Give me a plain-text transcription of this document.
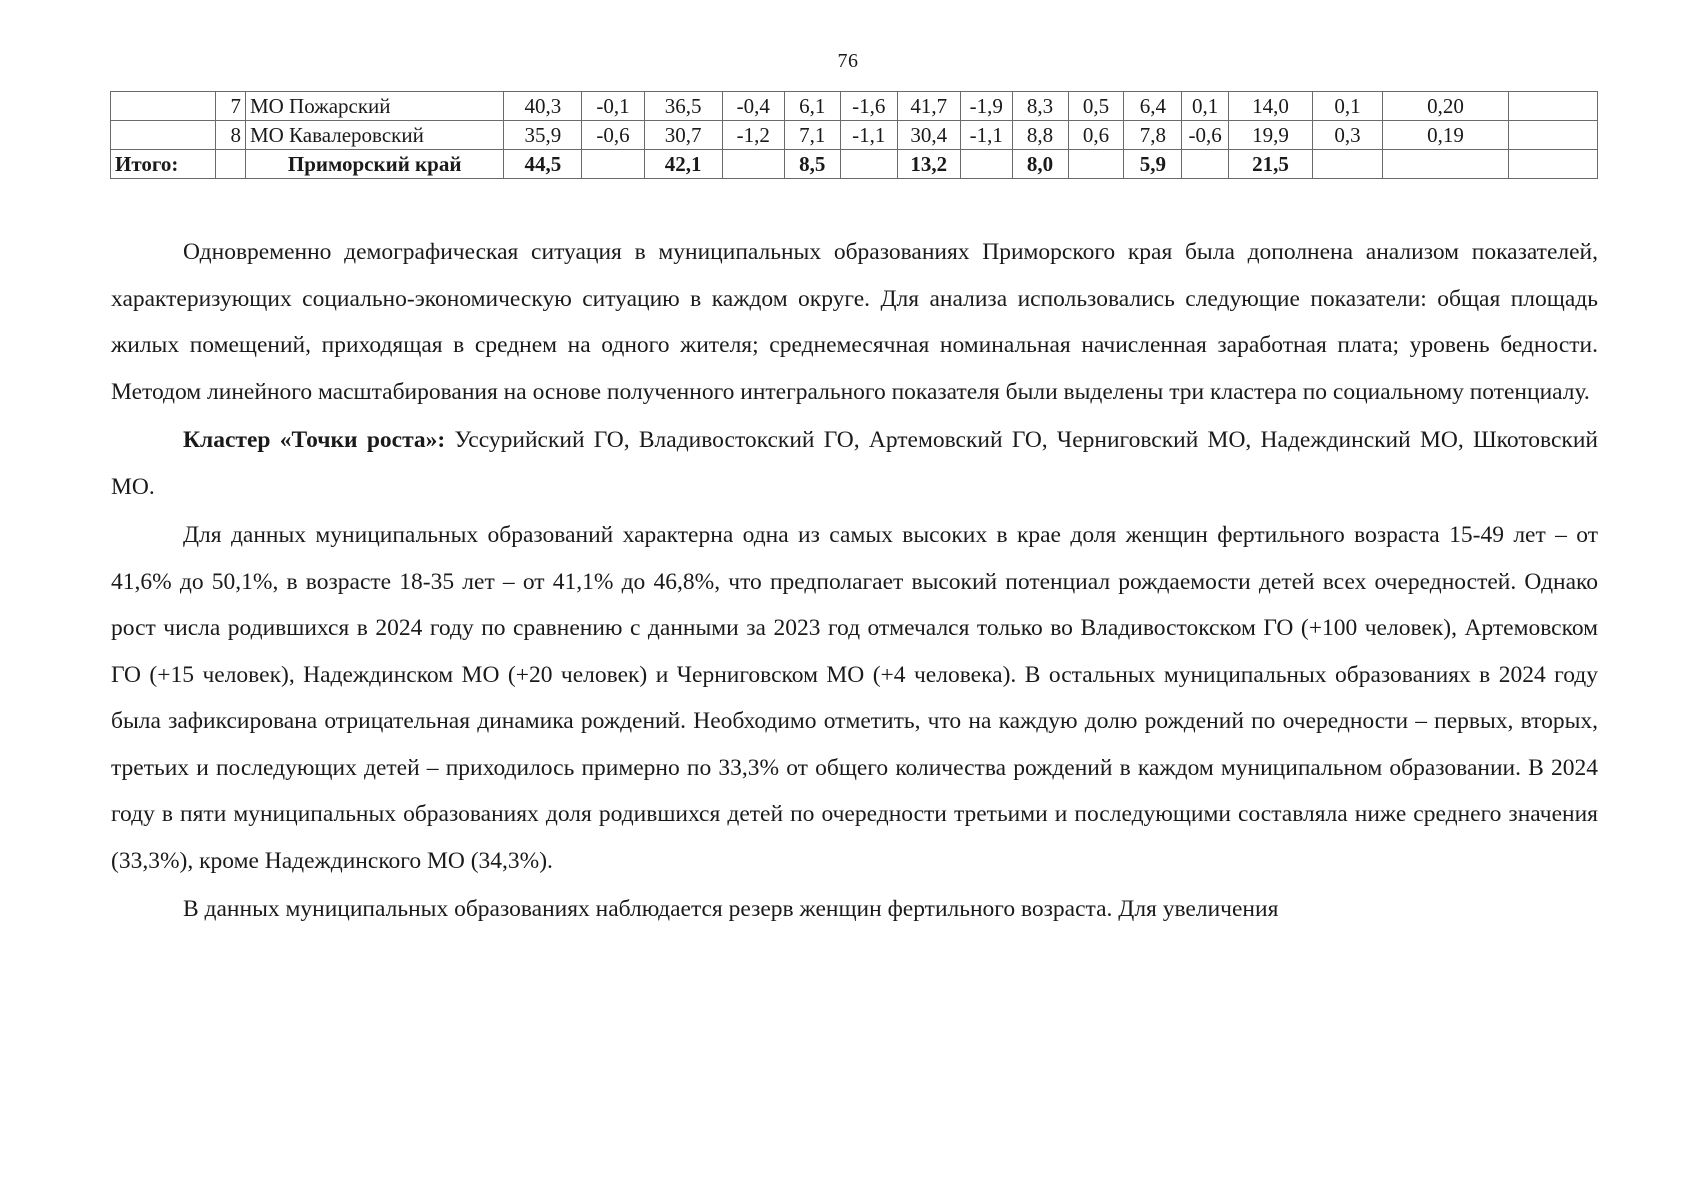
76
	7	МО Пожарский	40,3	-0,1	36,5	-0,4	6,1	-1,6	41,7	-1,9	8,3	0,5	6,4	0,1	14,0	0,1	0,20	
	8	МО Кавалеровский	35,9	-0,6	30,7	-1,2	7,1	-1,1	30,4	-1,1	8,8	0,6	7,8	-0,6	19,9	0,3	0,19	
Итого:		Приморский край	44,5		42,1		8,5		13,2		8,0		5,9		21,5			

Одновременно демографическая ситуация в муниципальных образованиях Приморского края была дополнена анализом показателей, характеризующих социально-экономическую ситуацию в каждом округе. Для анализа использовались следующие показатели: общая площадь жилых помещений, приходящая в среднем на одного жителя; среднемесячная номинальная начисленная заработная плата; уровень бедности. Методом линейного масштабирования на основе полученного интегрального показателя были выделены три кластера по социальному потенциалу.

Кластер «Точки роста»: Уссурийский ГО, Владивостокский ГО, Артемовский ГО, Черниговский МО, Надеждинский МО, Шкотовский МО.

Для данных муниципальных образований характерна одна из самых высоких в крае доля женщин фертильного возраста 15-49 лет – от 41,6% до 50,1%, в возрасте 18-35 лет – от 41,1% до 46,8%, что предполагает высокий потенциал рождаемости детей всех очередностей. Однако рост числа родившихся в 2024 году по сравнению с данными за 2023 год отмечался только во Владивостокском ГО (+100 человек), Артемовском ГО (+15 человек), Надеждинском МО (+20 человек) и Черниговском МО (+4 человека). В остальных муниципальных образованиях в 2024 году была зафиксирована отрицательная динамика рождений. Необходимо отметить, что на каждую долю рождений по очередности – первых, вторых, третьих и последующих детей – приходилось примерно по 33,3% от общего количества рождений в каждом муниципальном образовании. В 2024 году в пяти муниципальных образованиях доля родившихся детей по очередности третьими и последующими составляла ниже среднего значения (33,3%), кроме Надеждинского МО (34,3%).

В данных муниципальных образованиях наблюдается резерв женщин фертильного возраста. Для увеличения
